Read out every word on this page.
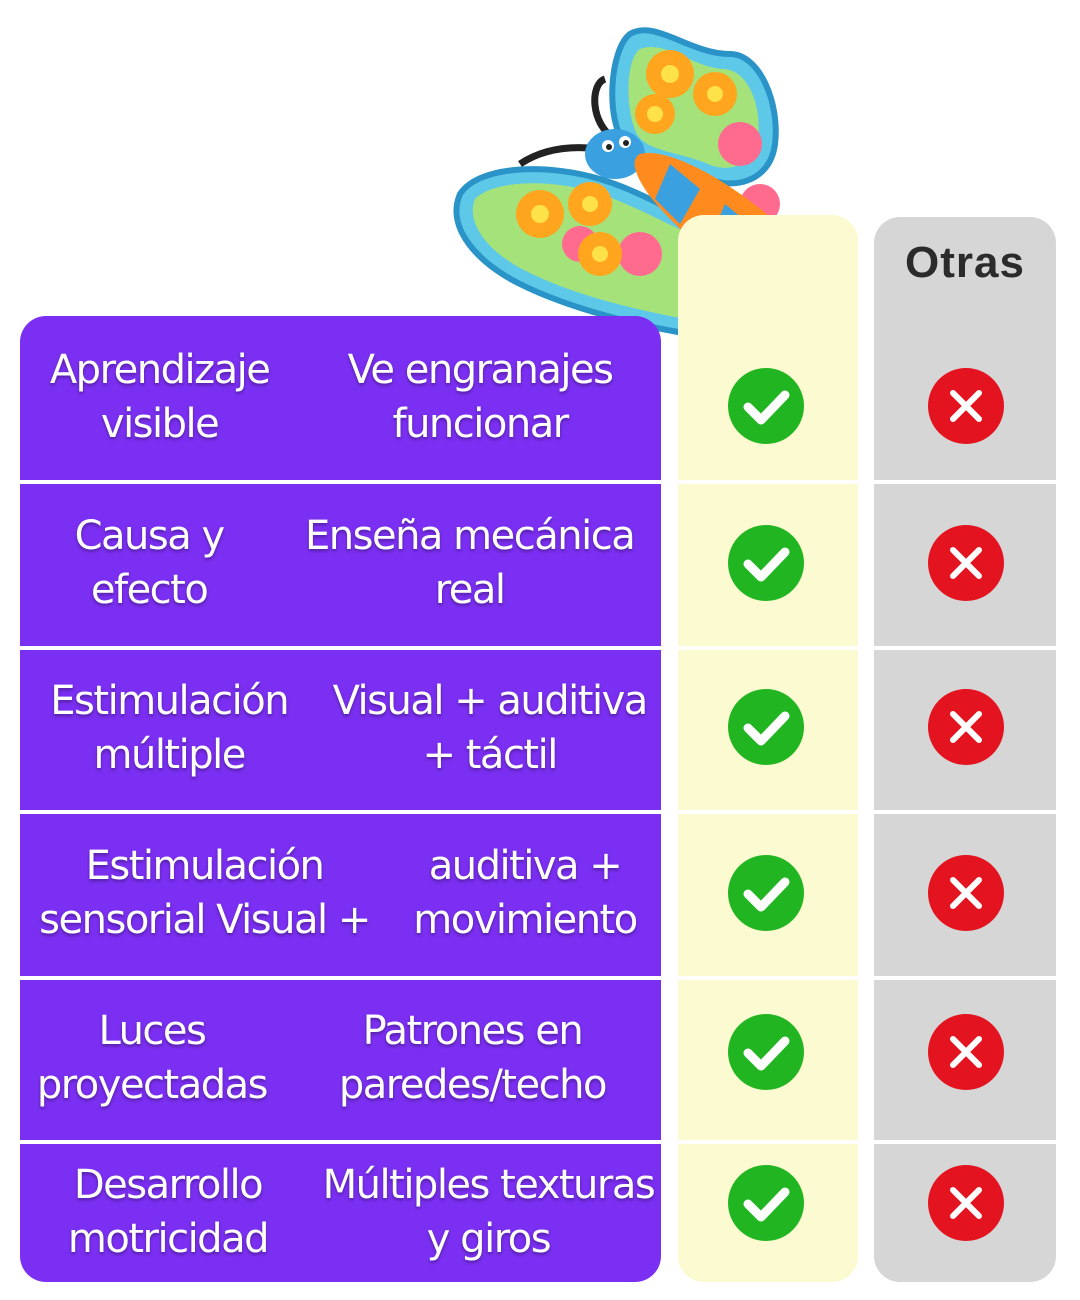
Otras
Aprendizaje visible
Ve engranajes funcionar
Causa y efecto
Enseña mecánica real
Estimulación múltiple
Visual + auditiva + táctil
Estimulación sensorial Visual +
auditiva + movimiento
Luces proyectadas
Patrones en paredes/techo
Desarrollo motricidad
Múltiples texturas y giros
